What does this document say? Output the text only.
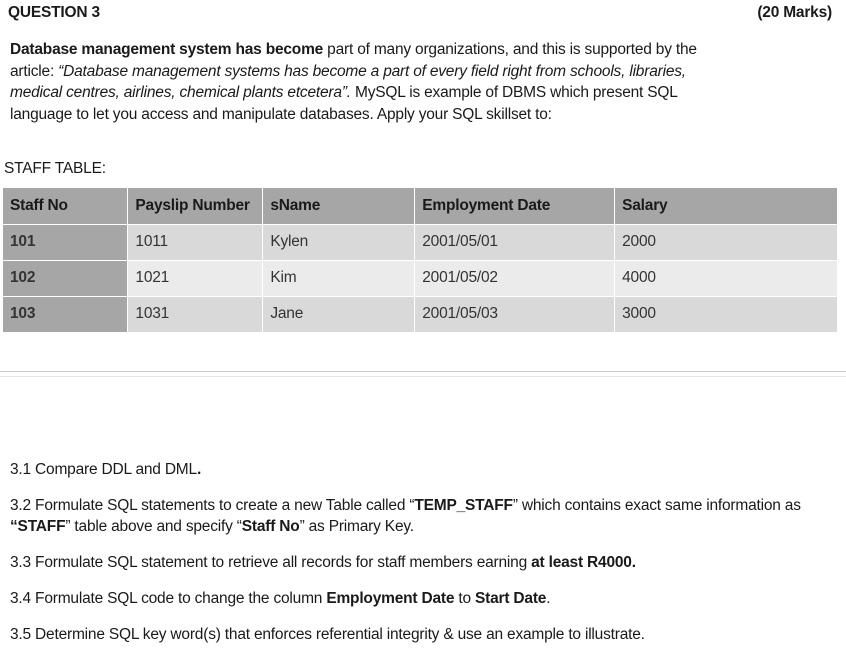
QUESTION 3	(20 Marks)
Database management system has become part of many organizations, and this is supported by the article: “Database management systems has become a part of every field right from schools, libraries, medical centres, airlines, chemical plants etcetera”. MySQL is example of DBMS which present SQL language to let you access and manipulate databases. Apply your SQL skillset to:
STAFF TABLE:
Staff No	Payslip Number	sName	Employment Date	Salary
101	1011	Kylen	2001/05/01	2000
102	1021	Kim	2001/05/02	4000
103	1031	Jane	2001/05/03	3000
3.1 Compare DDL and DML.
3.2 Formulate SQL statements to create a new Table called “TEMP_STAFF” which contains exact same information as “STAFF” table above and specify “Staff No” as Primary Key.
3.3 Formulate SQL statement to retrieve all records for staff members earning at least R4000.
3.4 Formulate SQL code to change the column Employment Date to Start Date.
3.5 Determine SQL key word(s) that enforces referential integrity & use an example to illustrate.
